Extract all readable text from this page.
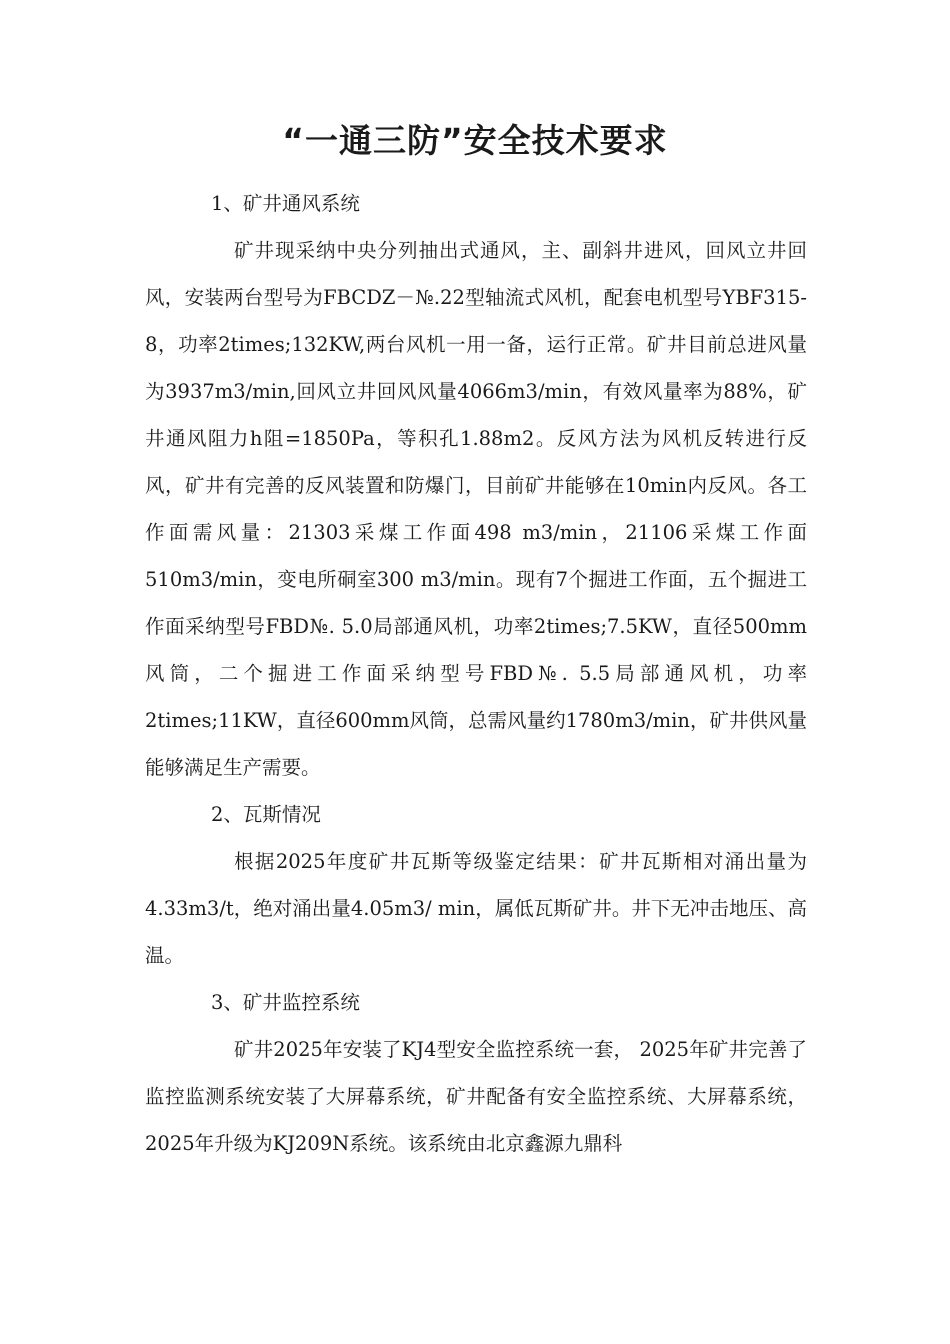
“一通三防”安全技术要求

1、矿井通风系统

矿井现采纳中央分列抽出式通风，主、副斜井进风，回风立井回风，安装两台型号为FBCDZ－№.22型轴流式风机，配套电机型号YBF315-8，功率2times;132KW,两台风机一用一备，运行正常。矿井目前总进风量为3937m3/min,回风立井回风风量4066m3/min，有效风量率为88%，矿井通风阻力h阻=1850Pa，等积孔1.88m2。反风方法为风机反转进行反风，矿井有完善的反风装置和防爆门，目前矿井能够在10min内反风。各工作面需风量：21303采煤工作面498 m3/min，21106采煤工作面510m3/min，变电所硐室300 m3/min。现有7个掘进工作面，五个掘进工作面采纳型号FBD№. 5.0局部通风机，功率2times;7.5KW，直径500mm风筒，二个掘进工作面采纳型号FBD№. 5.5局部通风机，功率2times;11KW，直径600mm风筒，总需风量约1780m3/min，矿井供风量能够满足生产需要。

2、瓦斯情况

根据2025年度矿井瓦斯等级鉴定结果：矿井瓦斯相对涌出量为4.33m3/t，绝对涌出量4.05m3/ min，属低瓦斯矿井。井下无冲击地压、高温。

3、矿井监控系统

矿井2025年安装了KJ4型安全监控系统一套， 2025年矿井完善了监控监测系统安装了大屏幕系统，矿井配备有安全监控系统、大屏幕系统，2025年升级为KJ209N系统。该系统由北京鑫源九鼎科
